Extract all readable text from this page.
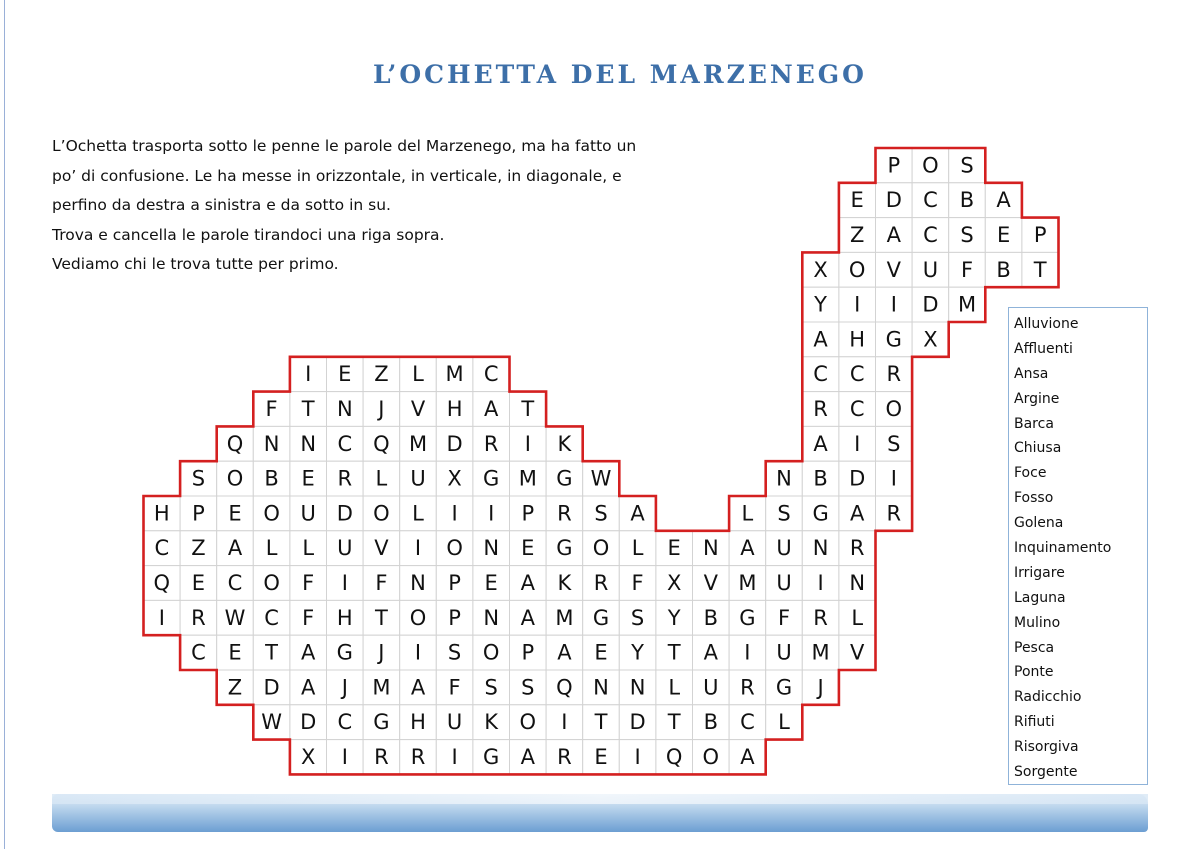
L’OCHETTA DEL MARZENEGO
L’Ochetta trasporta sotto le penne le parole del Marzenego, ma ha fatto un
po’ di confusione. Le ha messe in orizzontale, in verticale, in diagonale, e
perfino da destra a sinistra e da sotto in su.
Trova e cancella le parole tirandoci una riga sopra.
Vediamo chi le trova tutte per primo.
P O S
E D C B A
Z A C S E P
X O V U F B T
Y I I D M
A H G X
I E Z L M C	C C R
F T N J V H A T	R C O
Q N N C Q M D R I K	A I S
S O B E R L U X G M G W	N B D I
H P E O U D O L I I P R S A	L S G A R
C Z A L L U V I O N E G O L E N A U N R
Q E C O F I F N P E A K R F X V M U I N
I R W C F H T O P N A M G S Y B G F R L
C E T A G J I S O P A E Y T A I U M V
Z D A J M A F S S Q N N L U R G J
W D C G H U K O I T D T B C L
X I R R I G A R E I Q O A
Alluvione
Affluenti
Ansa
Argine
Barca
Chiusa
Foce
Fosso
Golena
Inquinamento
Irrigare
Laguna
Mulino
Pesca
Ponte
Radicchio
Rifiuti
Risorgiva
Sorgente
